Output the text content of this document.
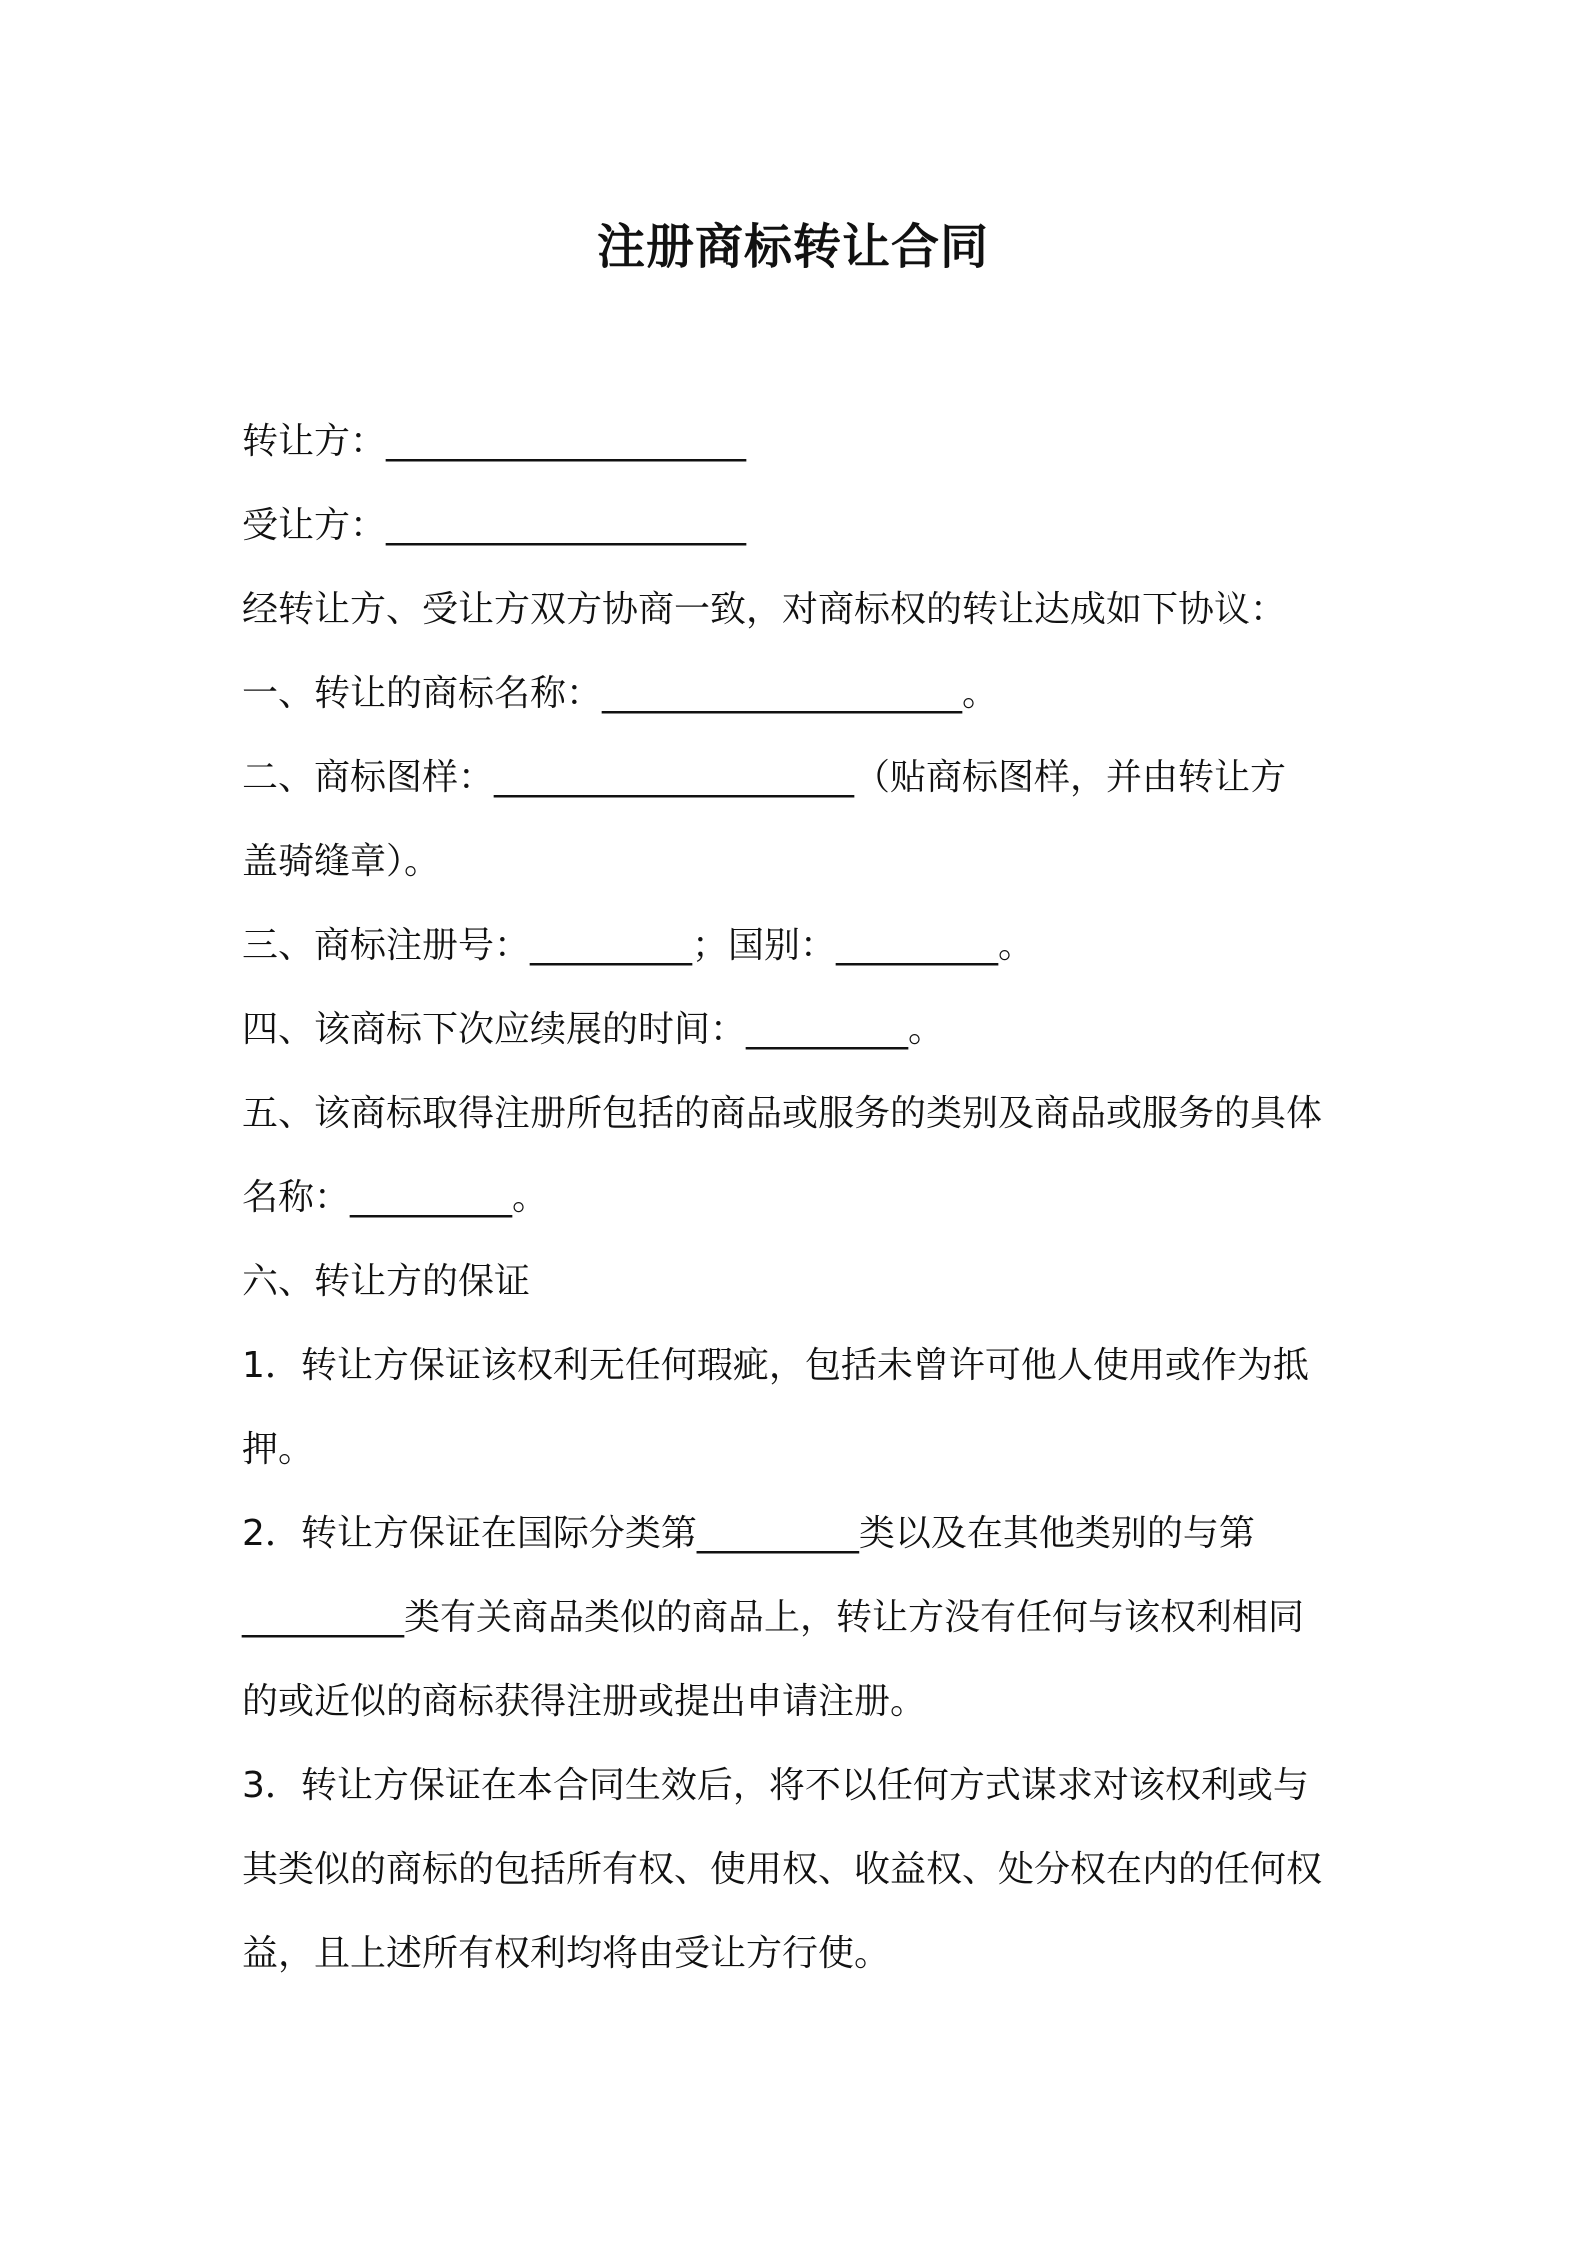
注册商标转让合同

转让方：____________________

受让方：____________________

经转让方、受让方双方协商一致，对商标权的转让达成如下协议：

一、转让的商标名称：____________________。

二、商标图样：____________________（贴商标图样，并由转让方

盖骑缝章）。

三、商标注册号：_________；国别：_________。

四、该商标下次应续展的时间：_________。

五、该商标取得注册所包括的商品或服务的类别及商品或服务的具体

名称：_________。

六、转让方的保证

1．转让方保证该权利无任何瑕疵，包括未曾许可他人使用或作为抵

押。

2．转让方保证在国际分类第_________类以及在其他类别的与第

_________类有关商品类似的商品上，转让方没有任何与该权利相同

的或近似的商标获得注册或提出申请注册。

3．转让方保证在本合同生效后，将不以任何方式谋求对该权利或与

其类似的商标的包括所有权、使用权、收益权、处分权在内的任何权

益，且上述所有权利均将由受让方行使。
